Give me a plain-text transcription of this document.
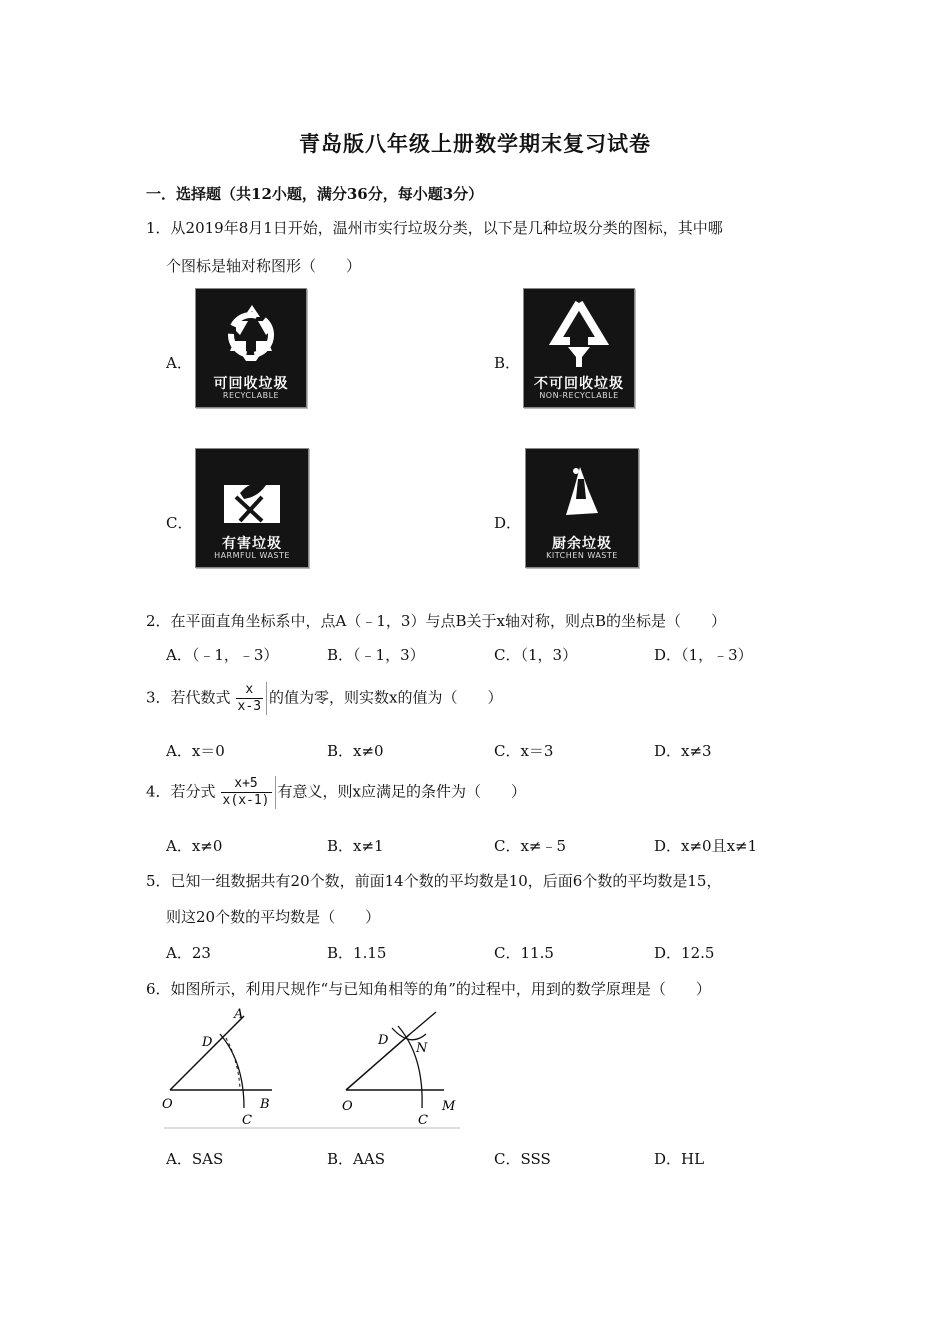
青岛版八年级上册数学期末复习试卷
一．选择题（共12小题，满分36分，每小题3分）
1．从2019年8月1日开始，温州市实行垃圾分类，以下是几种垃圾分类的图标，其中哪
个图标是轴对称图形（　　）
A．
可回收垃圾
RECYCLABLE
B．
不可回收垃圾
NON-RECYCLABLE
C．
有害垃圾
HARMFUL WASTE
D．
厨余垃圾
KITCHEN WASTE
2．在平面直角坐标系中，点A（﹣1，3）与点B关于x轴对称，则点B的坐标是（　　）
A．（﹣1，﹣3）	B．（﹣1，3）	C．（1，3）	D．（1，﹣3）
3．若代数式 $\frac{x}{x-3}$ 的值为零，则实数x的值为（　　）
A．x＝0	B．x≠0	C．x＝3	D．x≠3
4．若分式 $\frac{x+5}{x(x-1)}$ 有意义，则x应满足的条件为（　　）
A．x≠0	B．x≠1	C．x≠﹣5	D．x≠0且x≠1
5．已知一组数据共有20个数，前面14个数的平均数是10，后面6个数的平均数是15，
则这20个数的平均数是（　　）
A．23	B．1.15	C．11.5	D．12.5
6．如图所示，利用尺规作“与已知角相等的角”的过程中，用到的数学原理是（　　）
A
D
O	B
C
D
N
O
C
M
A．SAS	B．AAS	C．SSS	D．HL
